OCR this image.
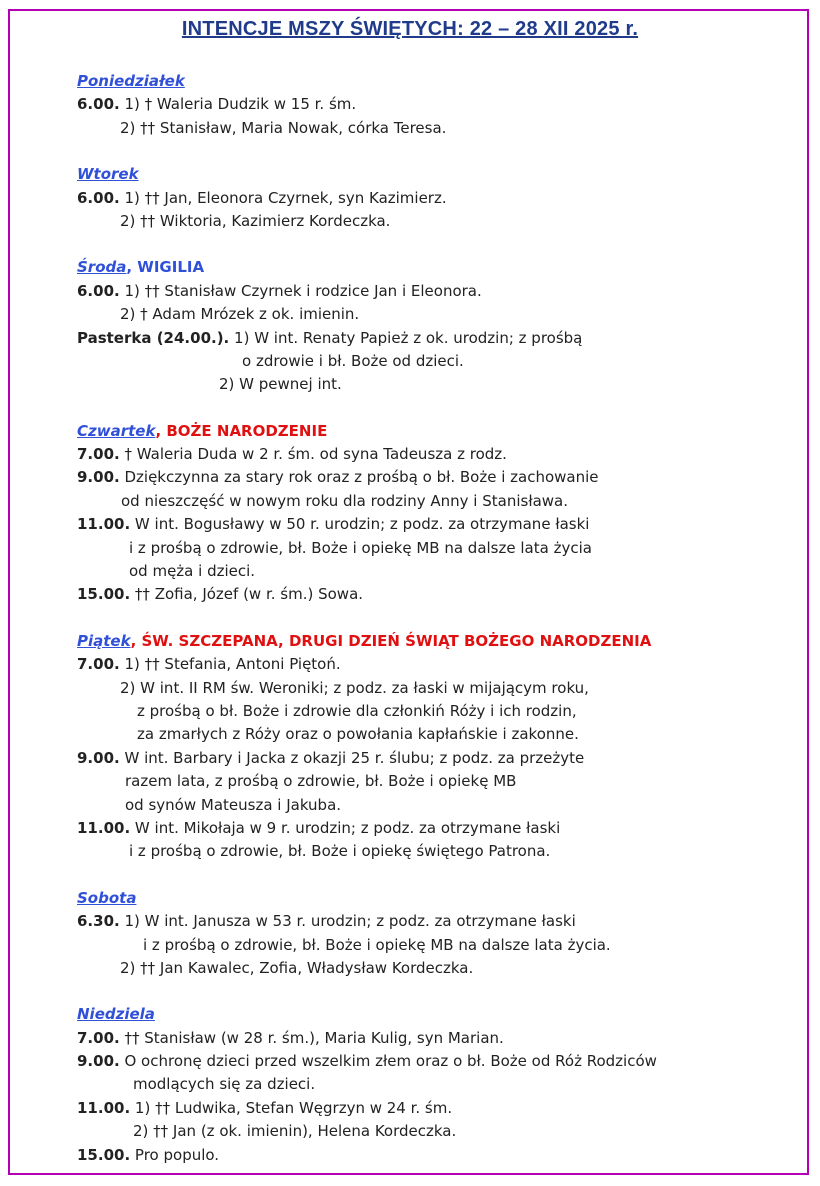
INTENCJE MSZY ŚWIĘTYCH: 22 – 28 XII 2025 r.
Poniedziałek
6.00. 1) † Waleria Dudzik w 15 r. śm.
2) †† Stanisław, Maria Nowak, córka Teresa.
Wtorek
6.00. 1) †† Jan, Eleonora Czyrnek, syn Kazimierz.
2) †† Wiktoria, Kazimierz Kordeczka.
Środa, WIGILIA
6.00. 1) †† Stanisław Czyrnek i rodzice Jan i Eleonora.
2) † Adam Mrózek z ok. imienin.
Pasterka (24.00.). 1) W int. Renaty Papież z ok. urodzin; z prośbą
o zdrowie i bł. Boże od dzieci.
2) W pewnej int.
Czwartek, BOŻE NARODZENIE
7.00. † Waleria Duda w 2 r. śm. od syna Tadeusza z rodz.
9.00. Dziękczynna za stary rok oraz z prośbą o bł. Boże i zachowanie
od nieszczęść w nowym roku dla rodziny Anny i Stanisława.
11.00. W int. Bogusławy w 50 r. urodzin; z podz. za otrzymane łaski
i z prośbą o zdrowie, bł. Boże i opiekę MB na dalsze lata życia
od męża i dzieci.
15.00. †† Zofia, Józef (w r. śm.) Sowa.
Piątek, ŚW. SZCZEPANA, DRUGI DZIEŃ ŚWIĄT BOŻEGO NARODZENIA
7.00. 1) †† Stefania, Antoni Piętoń.
2) W int. II RM św. Weroniki; z podz. za łaski w mijającym roku,
z prośbą o bł. Boże i zdrowie dla członkiń Róży i ich rodzin,
za zmarłych z Róży oraz o powołania kapłańskie i zakonne.
9.00. W int. Barbary i Jacka z okazji 25 r. ślubu; z podz. za przeżyte
razem lata, z prośbą o zdrowie, bł. Boże i opiekę MB
od synów Mateusza i Jakuba.
11.00. W int. Mikołaja w 9 r. urodzin; z podz. za otrzymane łaski
i z prośbą o zdrowie, bł. Boże i opiekę świętego Patrona.
Sobota
6.30. 1) W int. Janusza w 53 r. urodzin; z podz. za otrzymane łaski
i z prośbą o zdrowie, bł. Boże i opiekę MB na dalsze lata życia.
2) †† Jan Kawalec, Zofia, Władysław Kordeczka.
Niedziela
7.00. †† Stanisław (w 28 r. śm.), Maria Kulig, syn Marian.
9.00. O ochronę dzieci przed wszelkim złem oraz o bł. Boże od Róż Rodziców
modlących się za dzieci.
11.00. 1) †† Ludwika, Stefan Węgrzyn w 24 r. śm.
2) †† Jan (z ok. imienin), Helena Kordeczka.
15.00. Pro populo.
